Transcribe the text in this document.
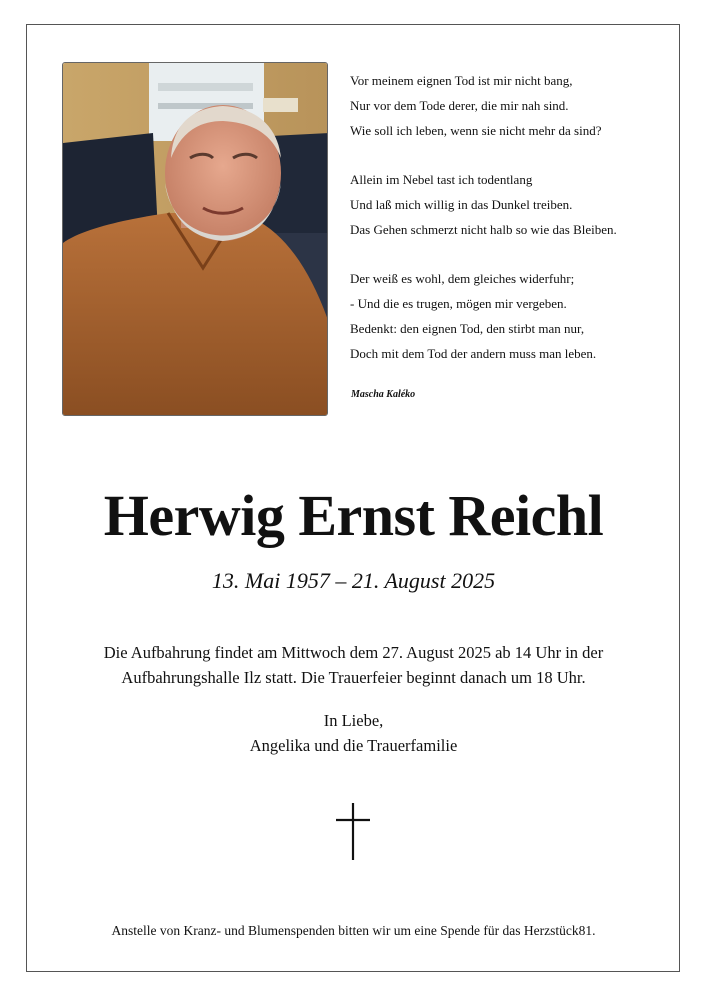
Vor meinem eignen Tod ist mir nicht bang,
Nur vor dem Tode derer, die mir nah sind.
Wie soll ich leben, wenn sie nicht mehr da sind?
Allein im Nebel tast ich todentlang
Und laß mich willig in das Dunkel treiben.
Das Gehen schmerzt nicht halb so wie das Bleiben.
Der weiß es wohl, dem gleiches widerfuhr;
- Und die es trugen, mögen mir vergeben.
Bedenkt: den eignen Tod, den stirbt man nur,
Doch mit dem Tod der andern muss man leben.
Mascha Kaléko
Herwig Ernst Reichl
13. Mai 1957 – 21. August 2025
Die Aufbahrung findet am Mittwoch dem 27. August 2025 ab 14 Uhr in der
Aufbahrungshalle Ilz statt. Die Trauerfeier beginnt danach um 18 Uhr.
In Liebe,
Angelika und die Trauerfamilie
Anstelle von Kranz- und Blumenspenden bitten wir um eine Spende für das Herzstück81.
